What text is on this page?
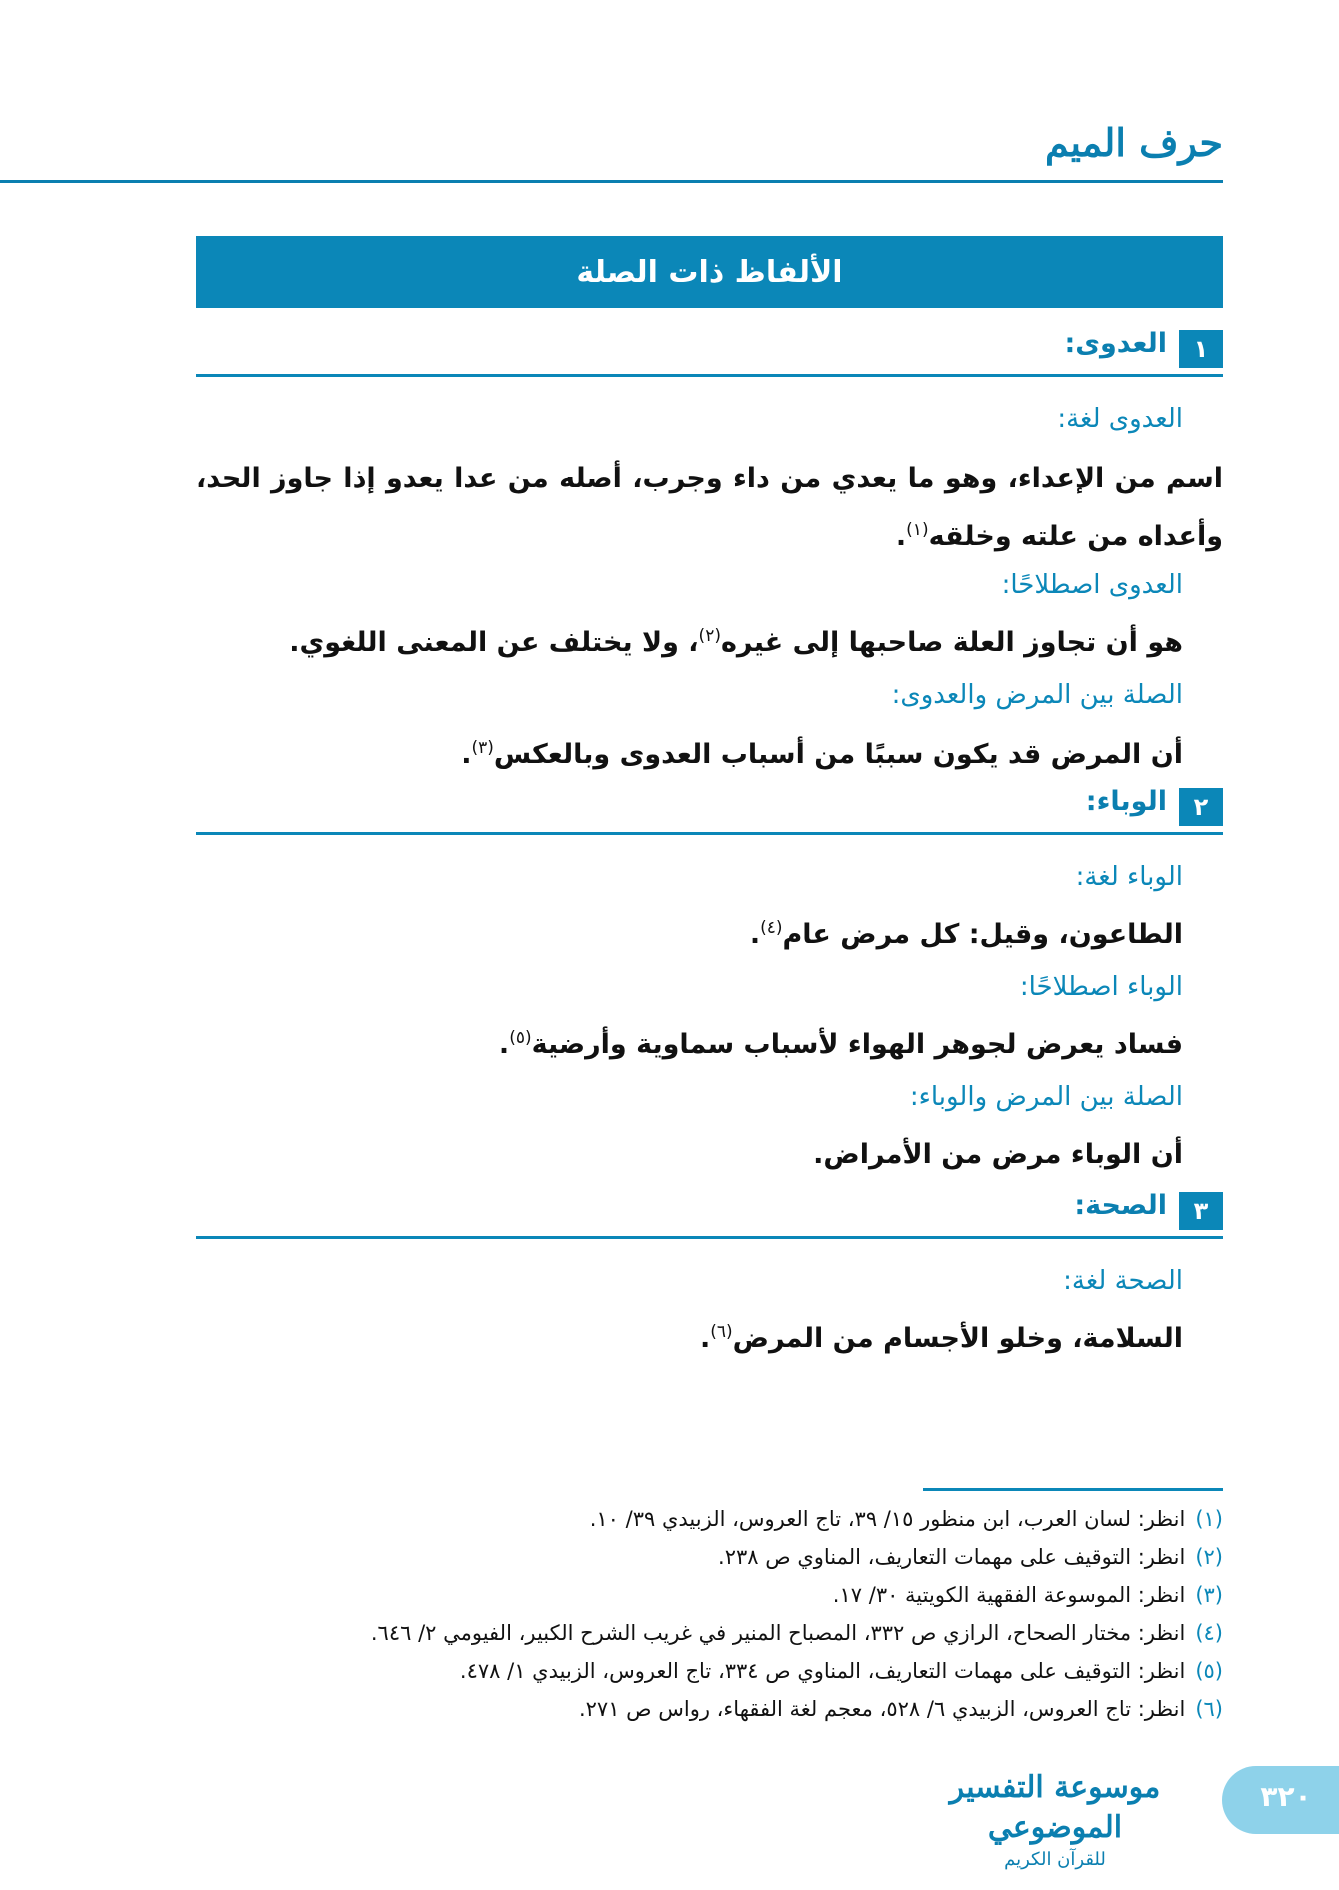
حرف الميم
الألفاظ ذات الصلة
١
العدوى:
العدوى لغة:
اسم من الإعداء، وهو ما يعدي من داء وجرب، أصله من عدا يعدو إذا جاوز الحد، وأعداه من علته وخلقه$^{(١)}$.
العدوى اصطلاحًا:
هو أن تجاوز العلة صاحبها إلى غيره$^{(٢)}$، ولا يختلف عن المعنى اللغوي.
الصلة بين المرض والعدوى:
أن المرض قد يكون سببًا من أسباب العدوى وبالعكس$^{(٣)}$.
٢
الوباء:
الوباء لغة:
الطاعون، وقيل: كل مرض عام$^{(٤)}$.
الوباء اصطلاحًا:
فساد يعرض لجوهر الهواء لأسباب سماوية وأرضية$^{(٥)}$.
الصلة بين المرض والوباء:
أن الوباء مرض من الأمراض.
٣
الصحة:
الصحة لغة:
السلامة، وخلو الأجسام من المرض$^{(٦)}$.
(١)انظر: لسان العرب، ابن منظور ١٥/ ٣٩، تاج العروس، الزبيدي ٣٩/ ١٠.
(٢)انظر: التوقيف على مهمات التعاريف، المناوي ص ٢٣٨.
(٣)انظر: الموسوعة الفقهية الكويتية ٣٠/ ١٧.
(٤)انظر: مختار الصحاح، الرازي ص ٣٣٢، المصباح المنير في غريب الشرح الكبير، الفيومي ٢/ ٦٤٦.
(٥)انظر: التوقيف على مهمات التعاريف، المناوي ص ٣٣٤، تاج العروس، الزبيدي ١/ ٤٧٨.
(٦)انظر: تاج العروس، الزبيدي ٦/ ٥٢٨، معجم لغة الفقهاء، رواس ص ٢٧١.
موسوعة التفسير الموضوعي
للقرآن الكريم
٣٢٠
